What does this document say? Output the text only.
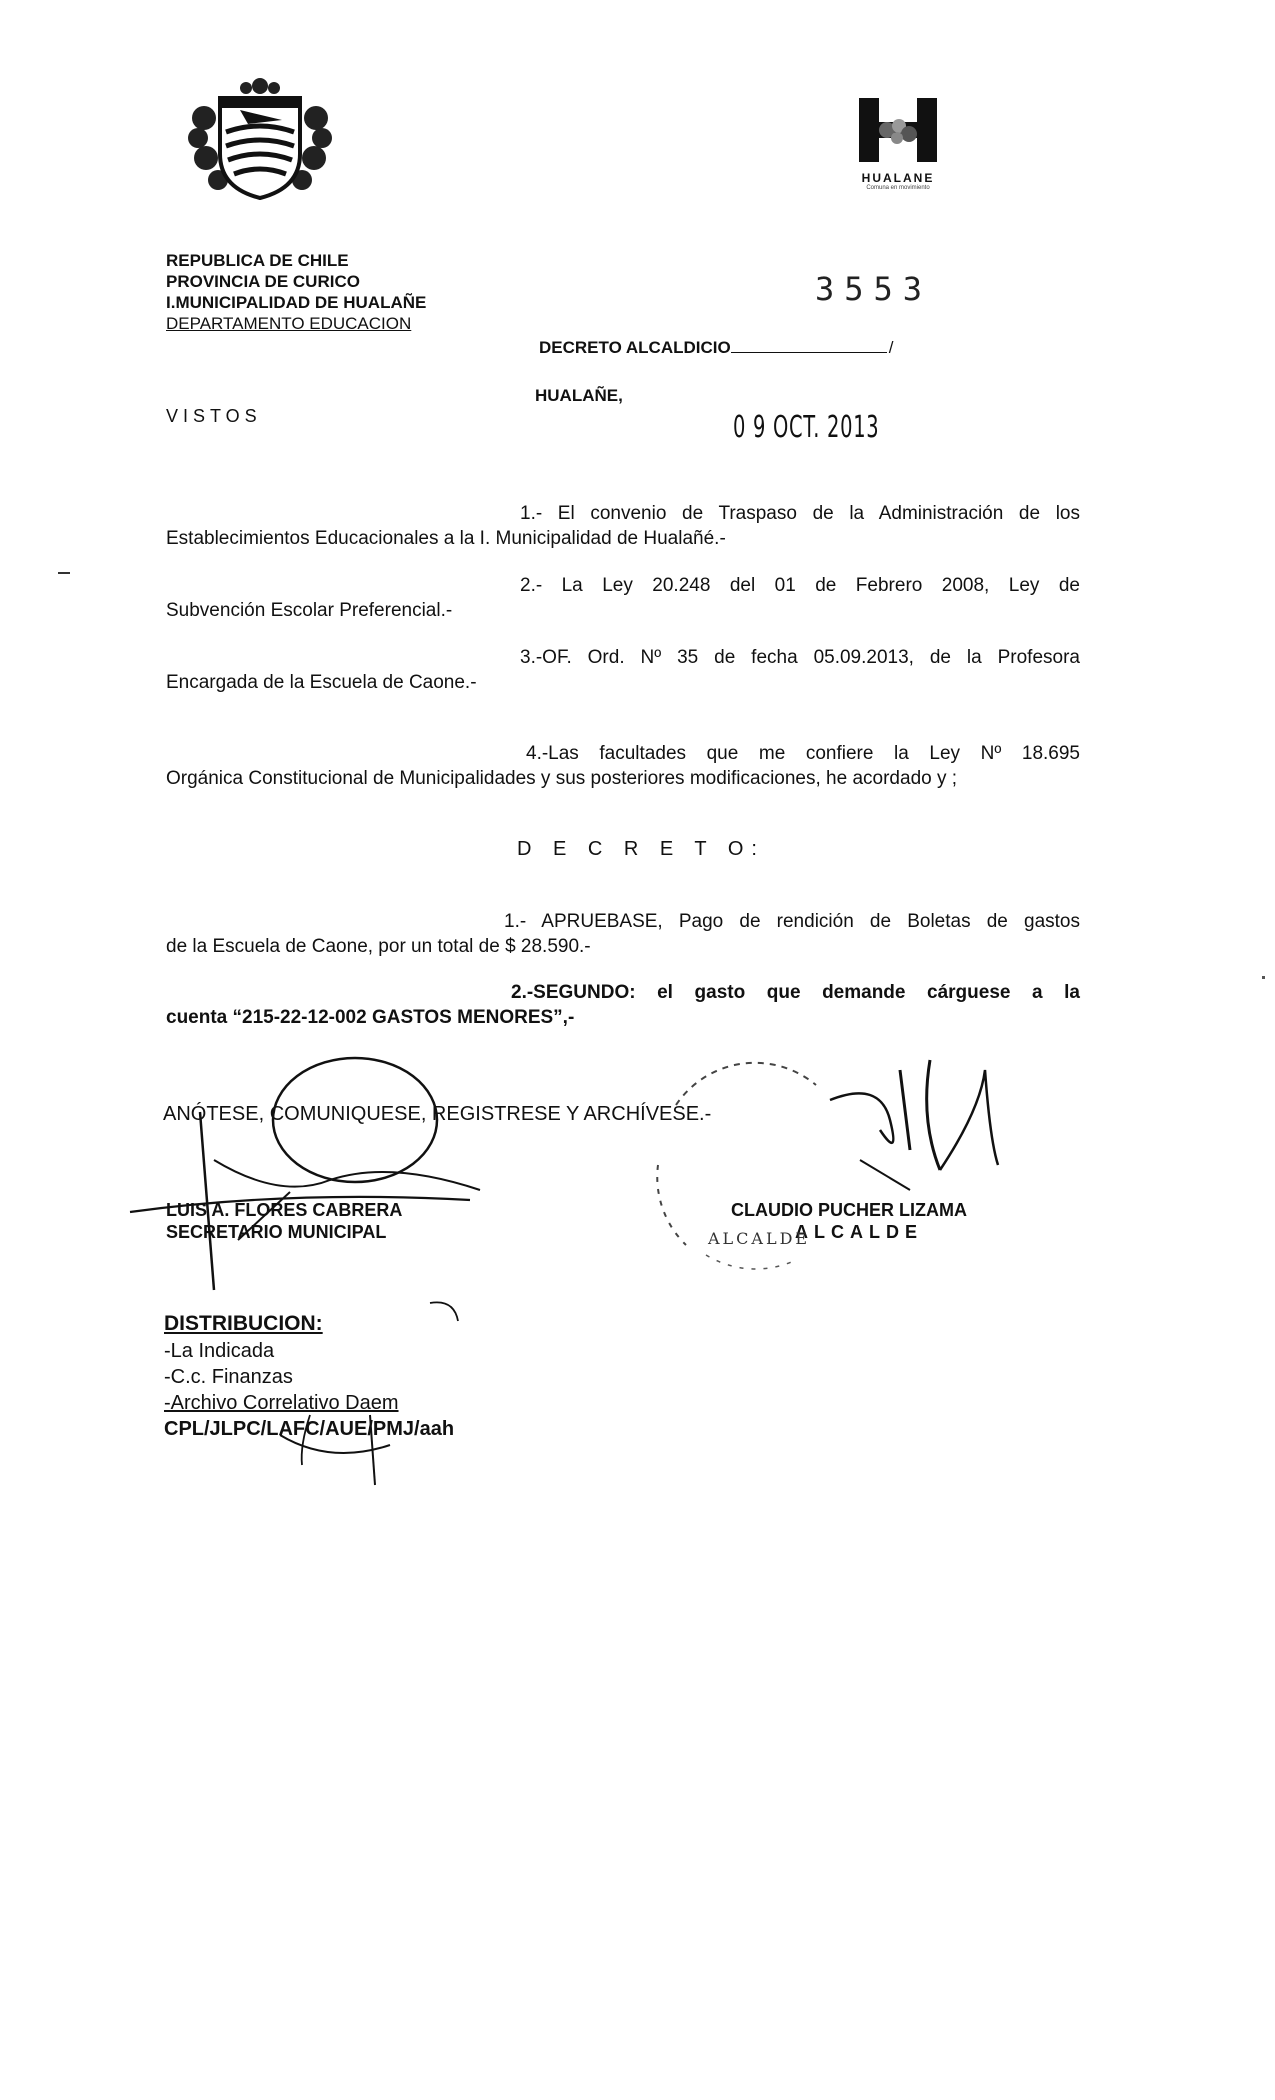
HUALANE
Comuna en movimiento
REPUBLICA DE CHILE
PROVINCIA DE CURICO
I.MUNICIPALIDAD DE HUALAÑE
DEPARTAMENTO EDUCACION
3553
DECRETO ALCALDICIO	/
VISTOS
HUALAÑE,
0 9 OCT. 2013
1.- El convenio de Traspaso de la Administración de los
Establecimientos Educacionales a la I. Municipalidad de Hualañé.-
2.- La Ley 20.248 del 01 de Febrero 2008, Ley de
Subvención Escolar Preferencial.-
3.-OF. Ord. Nº 35 de fecha 05.09.2013, de la Profesora
Encargada de la Escuela de Caone.-
4.-Las facultades que me confiere la Ley Nº 18.695
Orgánica Constitucional de Municipalidades y sus posteriores modificaciones, he acordado y ;
D E C R E T O:
1.- APRUEBASE, Pago de rendición de Boletas de gastos
de la Escuela de Caone, por un total de $ 28.590.-
2.-SEGUNDO: el gasto que demande cárguese a la
cuenta “215-22-12-002 GASTOS MENORES”,-
ANÓTESE, COMUNIQUESE, REGISTRESE Y ARCHÍVESE.-
LUIS A. FLORES CABRERA
SECRETARIO MUNICIPAL
CLAUDIO PUCHER LIZAMA
ALCALDE
ALCALDE
DISTRIBUCION:
-La Indicada
-C.c. Finanzas
-Archivo Correlativo Daem
CPL/JLPC/LAFC/AUE/PMJ/aah
